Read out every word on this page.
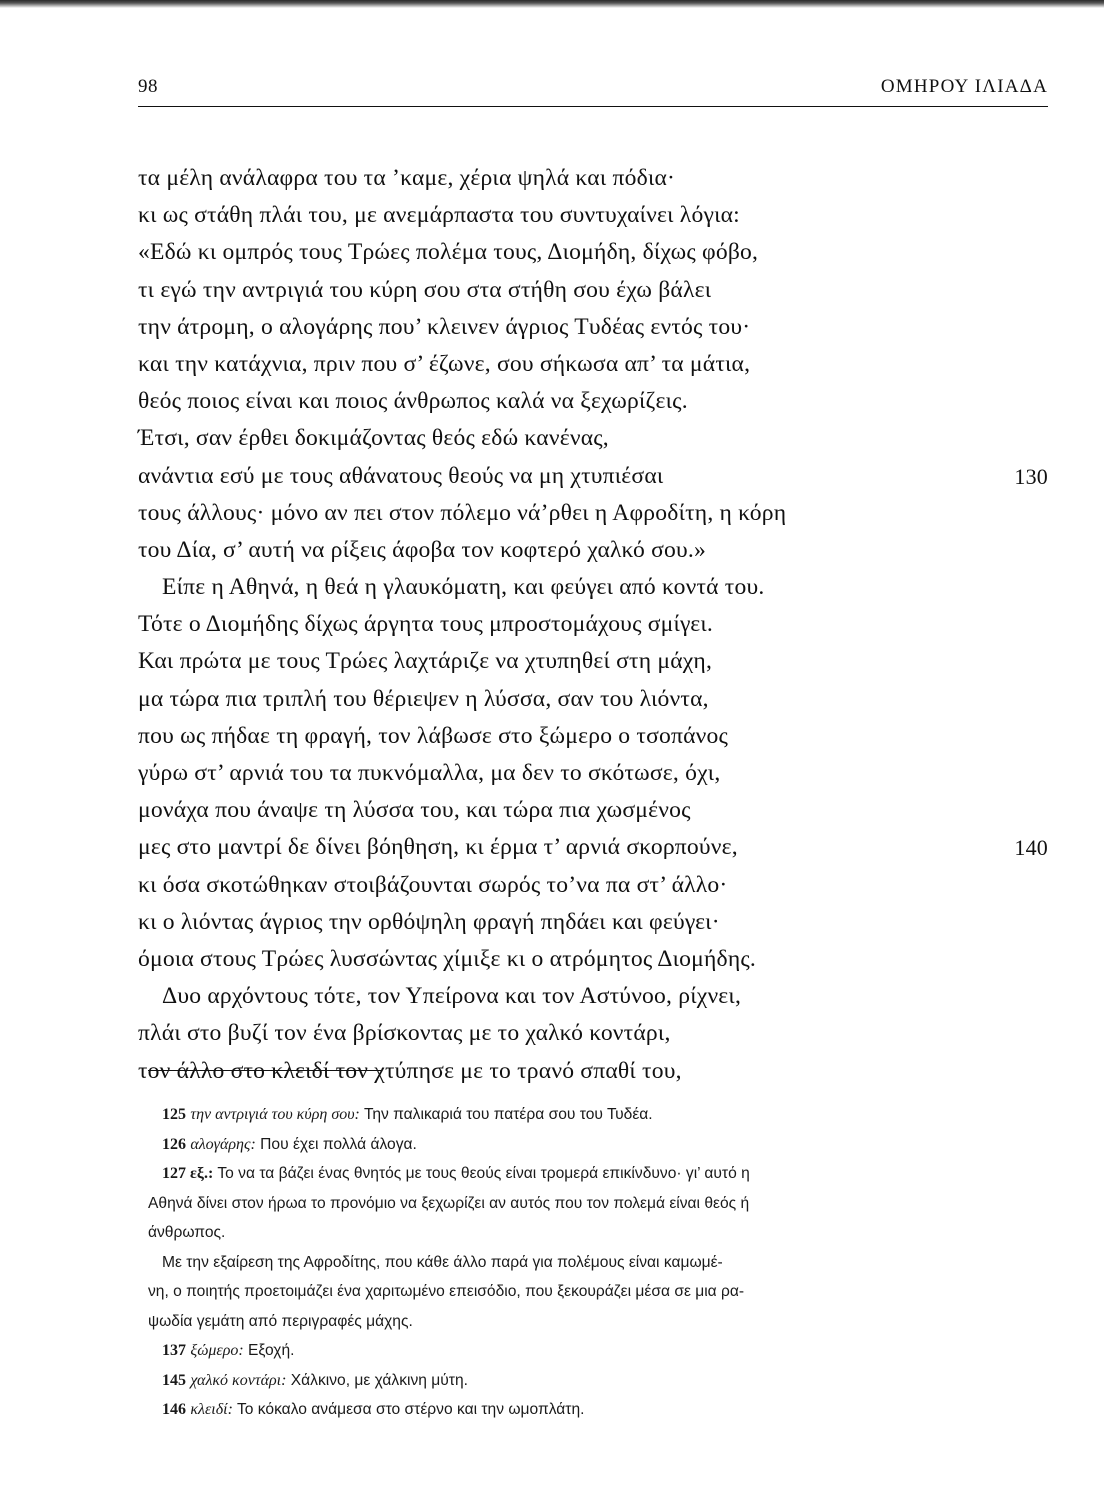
98	ΟΜΗΡΟΥ ΙΛΙΑΔΑ
τα μέλη ανάλαφρα του τα ’καμε, χέρια ψηλά και πόδια·
κι ως στάθη πλάι του, με ανεμάρπαστα του συντυχαίνει λόγια:
«Εδώ κι ομπρός τους Τρώες πολέμα τους, Διομήδη, δίχως φόβο,
τι εγώ την αντριγιά του κύρη σου στα στήθη σου έχω βάλει
την άτρομη, ο αλογάρης που’ κλεινεν άγριος Τυδέας εντός του·
και την κατάχνια, πριν που σ’ έζωνε, σου σήκωσα απ’ τα μάτια,
θεός ποιος είναι και ποιος άνθρωπος καλά να ξεχωρίζεις.
Έτσι, σαν έρθει δοκιμάζοντας θεός εδώ κανένας,
ανάντια εσύ με τους αθάνατους θεούς να μη χτυπιέσαι	130
τους άλλους· μόνο αν πει στον πόλεμο νά’ρθει η Αφροδίτη, η κόρη
του Δία, σ’ αυτή να ρίξεις άφοβα τον κοφτερό χαλκό σου.»
Είπε η Αθηνά, η θεά η γλαυκόματη, και φεύγει από κοντά του.
Τότε ο Διομήδης δίχως άργητα τους μπροστομάχους σμίγει.
Και πρώτα με τους Τρώες λαχτάριζε να χτυπηθεί στη μάχη,
μα τώρα πια τριπλή του θέριεψεν η λύσσα, σαν του λιόντα,
που ως πήδαε τη φραγή, τον λάβωσε στο ξώμερο ο τσοπάνος
γύρω στ’ αρνιά του τα πυκνόμαλλα, μα δεν το σκότωσε, όχι,
μονάχα που άναψε τη λύσσα του, και τώρα πια χωσμένος
μες στο μαντρί δε δίνει βόηθηση, κι έρμα τ’ αρνιά σκορπούνε,	140
κι όσα σκοτώθηκαν στοιβάζουνται σωρός το’να πα στ’ άλλο·
κι ο λιόντας άγριος την ορθόψηλη φραγή πηδάει και φεύγει·
όμοια στους Τρώες λυσσώντας χίμιξε κι ο ατρόμητος Διομήδης.
Δυο αρχόντους τότε, τον Υπείρονα και τον Αστύνοο, ρίχνει,
πλάι στο βυζί τον ένα βρίσκοντας με το χαλκό κοντάρι,
τον άλλο στο κλειδί τον χτύπησε με το τρανό σπαθί του,
125 την αντριγιά του κύρη σου: Την παλικαριά του πατέρα σου του Τυδέα.
126 αλογάρης: Που έχει πολλά άλογα.
127 εξ.: Το να τα βάζει ένας θνητός με τους θεούς είναι τρομερά επικίνδυνο· γι’ αυτό η
Αθηνά δίνει στον ήρωα το προνόμιο να ξεχωρίζει αν αυτός που τον πολεμά είναι θεός ή
άνθρωπος.
Με την εξαίρεση της Αφροδίτης, που κάθε άλλο παρά για πολέμους είναι καμωμέ-
νη, ο ποιητής προετοιμάζει ένα χαριτωμένο επεισόδιο, που ξεκουράζει μέσα σε μια ρα-
ψωδία γεμάτη από περιγραφές μάχης.
137 ξώμερο: Εξοχή.
145 χαλκό κοντάρι: Χάλκινο, με χάλκινη μύτη.
146 κλειδί: Το κόκαλο ανάμεσα στο στέρνο και την ωμοπλάτη.
